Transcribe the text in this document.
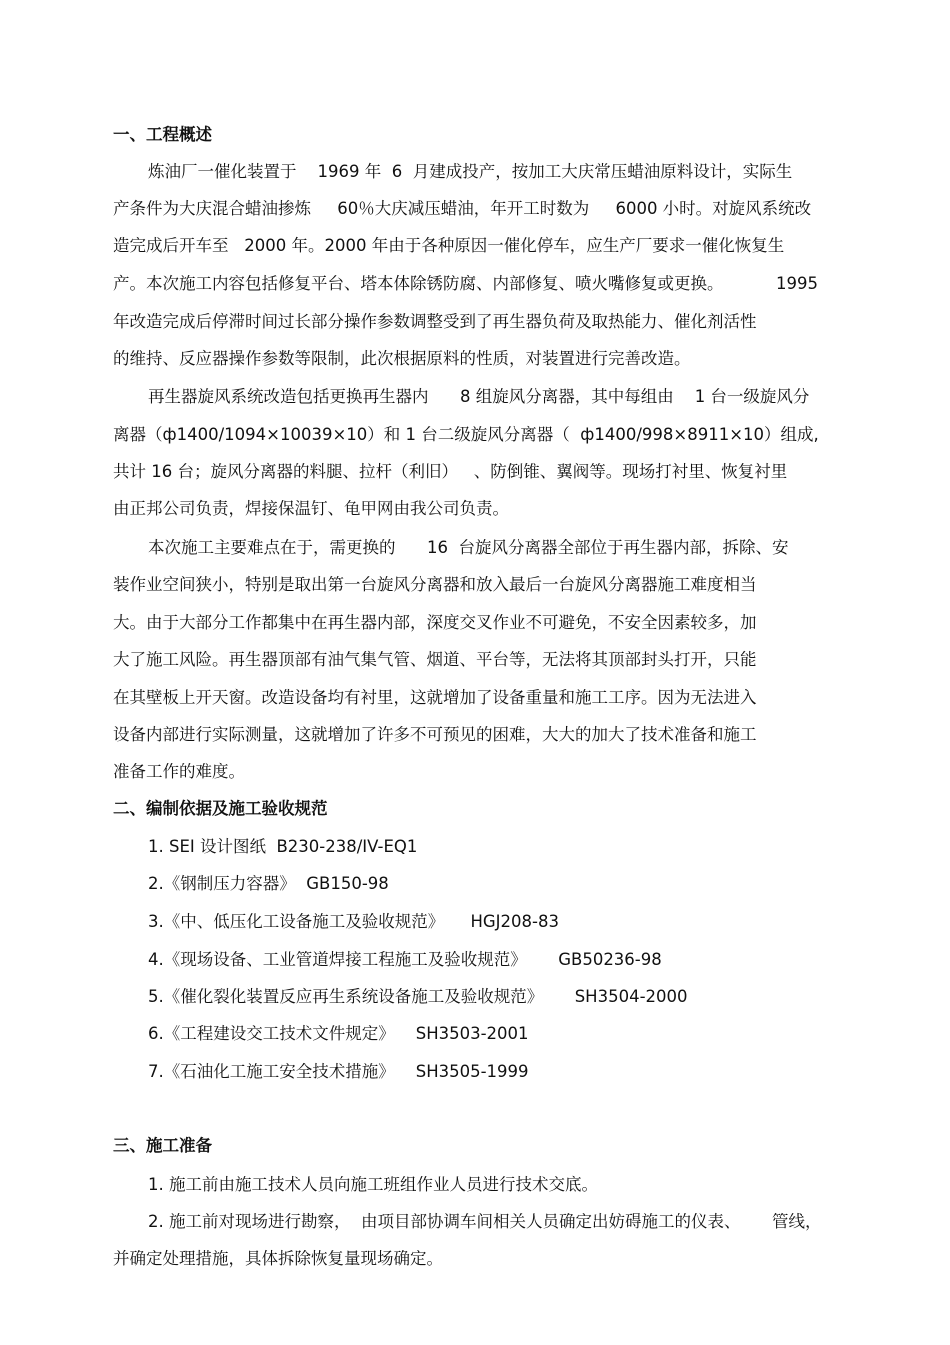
一、工程概述

炼油厂一催化装置于    1969 年  6  月建成投产，按加工大庆常压蜡油原料设计，实际生

产条件为大庆混合蜡油掺炼     60％大庆减压蜡油，年开工时数为     6000 小时。对旋风系统改

造完成后开车至   2000 年。2000 年由于各种原因一催化停车，应生产厂要求一催化恢复生

产。本次施工内容包括修复平台、塔本体除锈防腐、内部修复、喷火嘴修复或更换。          1995

年改造完成后停滞时间过长部分操作参数调整受到了再生器负荷及取热能力、催化剂活性

的维持、反应器操作参数等限制，此次根据原料的性质，对装置进行完善改造。

再生器旋风系统改造包括更换再生器内      8 组旋风分离器，其中每组由    1 台一级旋风分

离器（ф1400/1094×10039×10）和 1 台二级旋风分离器（  ф1400/998×8911×10）组成,

共计 16 台；旋风分离器的料腿、拉杆（利旧）   、防倒锥、翼阀等。现场打衬里、恢复衬里

由正邦公司负责，焊接保温钉、龟甲网由我公司负责。

本次施工主要难点在于，需更换的      16  台旋风分离器全部位于再生器内部，拆除、安

装作业空间狭小，特别是取出第一台旋风分离器和放入最后一台旋风分离器施工难度相当

大。由于大部分工作都集中在再生器内部，深度交叉作业不可避免，不安全因素较多，加

大了施工风险。再生器顶部有油气集气管、烟道、平台等，无法将其顶部封头打开，只能

在其壁板上开天窗。改造设备均有衬里，这就增加了设备重量和施工工序。因为无法进入

设备内部进行实际测量，这就增加了许多不可预见的困难，大大的加大了技术准备和施工

准备工作的难度。

二、编制依据及施工验收规范

1. SEI 设计图纸  B230-238/IV-EQ1

2.《钢制压力容器》  GB150-98

3.《中、低压化工设备施工及验收规范》     HGJ208-83

4.《现场设备、工业管道焊接工程施工及验收规范》      GB50236-98

5.《催化裂化装置反应再生系统设备施工及验收规范》      SH3504-2000

6.《工程建设交工技术文件规定》    SH3503-2001

7.《石油化工施工安全技术措施》    SH3505-1999

三、施工准备

1. 施工前由施工技术人员向施工班组作业人员进行技术交底。

2. 施工前对现场进行勘察，  由项目部协调车间相关人员确定出妨碍施工的仪表、      管线，

并确定处理措施，具体拆除恢复量现场确定。
